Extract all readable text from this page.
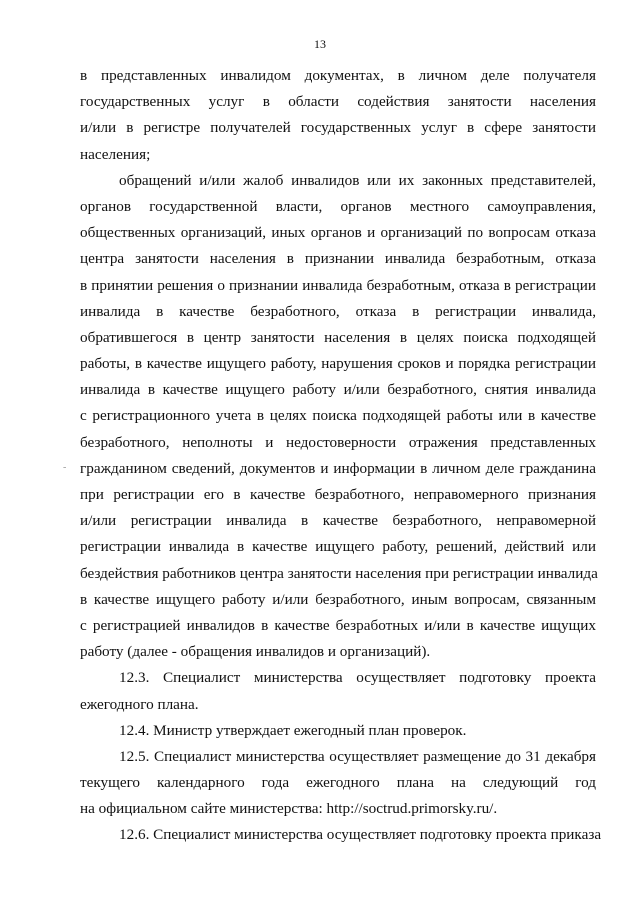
13
-
в представленных инвалидом документах, в личном деле получателя
государственных услуг в области содействия занятости населения
и/или в регистре получателей государственных услуг в сфере занятости
населения;
обращений и/или жалоб инвалидов или их законных представителей,
органов государственной власти, органов местного самоуправления,
общественных организаций, иных органов и организаций по вопросам отказа
центра занятости населения в признании инвалида безработным, отказа
в принятии решения о признании инвалида безработным, отказа в регистрации
инвалида в качестве безработного, отказа в регистрации инвалида,
обратившегося в центр занятости населения в целях поиска подходящей
работы, в качестве ищущего работу, нарушения сроков и порядка регистрации
инвалида в качестве ищущего работу и/или безработного, снятия инвалида
с регистрационного учета в целях поиска подходящей работы или в качестве
безработного, неполноты и недостоверности отражения представленных
гражданином сведений, документов и информации в личном деле гражданина
при регистрации его в качестве безработного, неправомерного признания
и/или регистрации инвалида в качестве безработного, неправомерной
регистрации инвалида в качестве ищущего работу, решений, действий или
бездействия работников центра занятости населения при регистрации инвалида
в качестве ищущего работу и/или безработного, иным вопросам, связанным
с регистрацией инвалидов в качестве безработных и/или в качестве ищущих
работу (далее - обращения инвалидов и организаций).
12.3. Специалист министерства осуществляет подготовку проекта
ежегодного плана.
12.4. Министр утверждает ежегодный план проверок.
12.5. Специалист министерства осуществляет размещение до 31 декабря
текущего календарного года ежегодного плана на следующий год
на официальном сайте министерства: http://soctrud.primorsky.ru/.
12.6. Специалист министерства осуществляет подготовку проекта приказа
